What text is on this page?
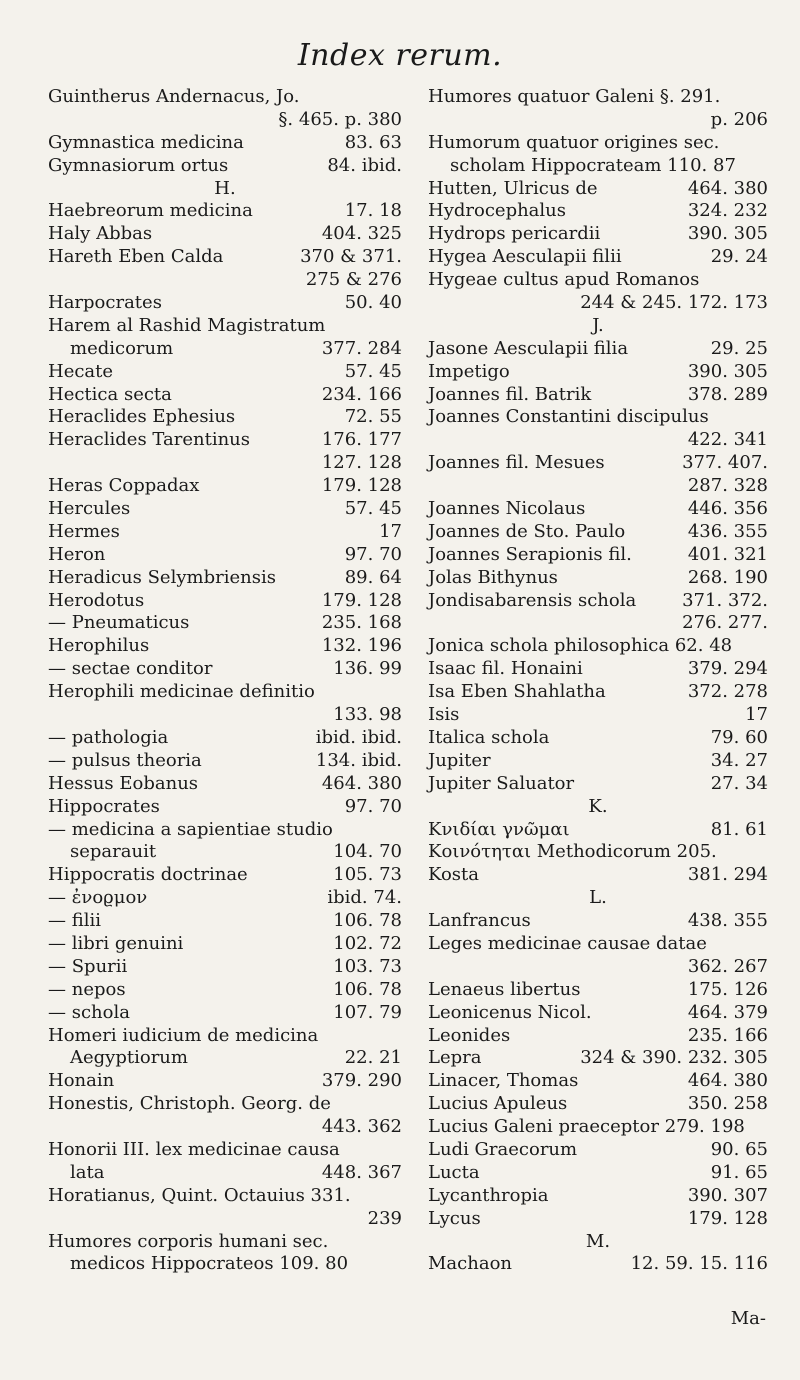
Index rerum.
Guintherus Andernacus, Jo.
§. 465. p. 380
Gymnastica medicina	83. 63
Gymnasiorum ortus	84. ibid.
H.
Haebreorum medicina	17. 18
Haly Abbas	404. 325
Hareth Eben Calda	370 & 371.
275 & 276
Harpocrates	50. 40
Harem al Rashid Magistratum
medicorum	377. 284
Hecate	57. 45
Hectica secta	234. 166
Heraclides Ephesius	72. 55
Heraclides Tarentinus	176. 177
127. 128
Heras Coppadax	179. 128
Hercules	57. 45
Hermes	17
Heron	97. 70
Heradicus Selymbriensis	89. 64
Herodotus	179. 128
— Pneumaticus	235. 168
Herophilus	132. 196
— sectae conditor	136. 99
Herophili medicinae definitio
133. 98
— pathologia	ibid. ibid.
— pulsus theoria	134. ibid.
Hessus Eobanus	464. 380
Hippocrates	97. 70
— medicina a sapientiae studio
separauit	104. 70
Hippocratis doctrinae	105. 73
— ἐνοϱμον	ibid. 74.
— filii	106. 78
— libri genuini	102. 72
— Spurii	103. 73
— nepos	106. 78
— schola	107. 79
Homeri iudicium de medicina
Aegyptiorum	22. 21
Honain	379. 290
Honestis, Christoph. Georg. de
443. 362
Honorii III. lex medicinae causa
lata	448. 367
Horatianus, Quint. Octauius 331.
239
Humores corporis humani sec.
medicos Hippocrateos 109. 80
Humores quatuor Galeni §. 291.
p. 206
Humorum quatuor origines sec.
scholam Hippocrateam 110. 87
Hutten, Ulricus de	464. 380
Hydrocephalus	324. 232
Hydrops pericardii	390. 305
Hygea Aesculapii filii	29. 24
Hygeae cultus apud Romanos
244 & 245. 172. 173
J.
Jasone Aesculapii filia	29. 25
Impetigo	390. 305
Joannes fil. Batrik	378. 289
Joannes Constantini discipulus
422. 341
Joannes fil. Mesues	377. 407.
287. 328
Joannes Nicolaus	446. 356
Joannes de Sto. Paulo	436. 355
Joannes Serapionis fil.	401. 321
Jolas Bithynus	268. 190
Jondisabarensis schola	371. 372.
276. 277.
Jonica schola philosophica 62. 48
Isaac fil. Honaini	379. 294
Isa Eben Shahlatha	372. 278
Isis	17
Italica schola	79. 60
Jupiter	34. 27
Jupiter Saluator	27. 34
K.
Κνιδίαι γνῶμαι	81. 61
Κοινότηται Methodicorum 205.
Kosta	381. 294
L.
Lanfrancus	438. 355
Leges medicinae causae datae
362. 267
Lenaeus libertus	175. 126
Leonicenus Nicol.	464. 379
Leonides	235. 166
Lepra	324 & 390. 232. 305
Linacer, Thomas	464. 380
Lucius Apuleus	350. 258
Lucius Galeni praeceptor 279. 198
Ludi Graecorum	90. 65
Lucta	91. 65
Lycanthropia	390. 307
Lycus	179. 128
M.
Machaon	12. 59. 15. 116
Ma-
